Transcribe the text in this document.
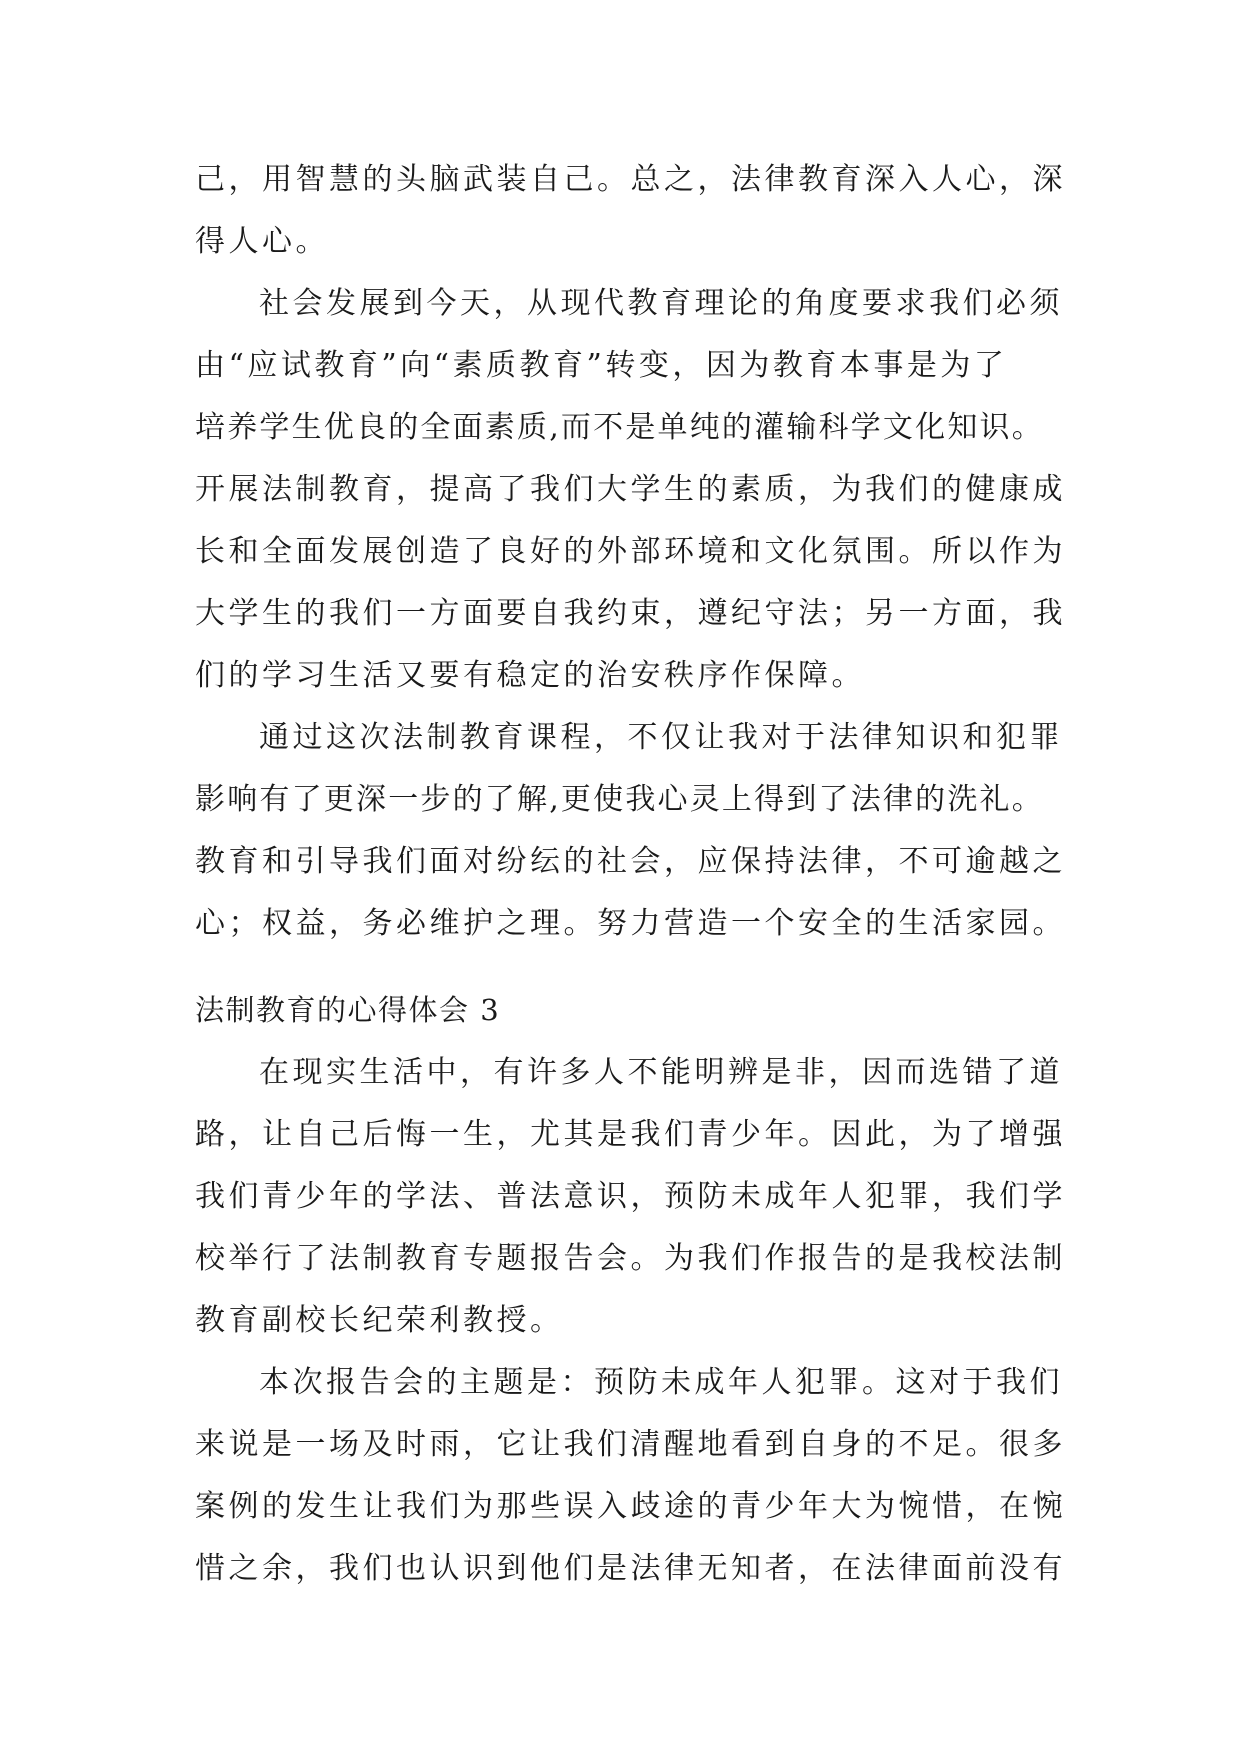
己，用智慧的头脑武装自己。总之，法律教育深入人心，深

得人心。

社会发展到今天，从现代教育理论的角度要求我们必须

由“应试教育”向“素质教育”转变，因为教育本事是为了

培养学生优良的全面素质,而不是单纯的灌输科学文化知识。

开展法制教育，提高了我们大学生的素质，为我们的健康成

长和全面发展创造了良好的外部环境和文化氛围。所以作为

大学生的我们一方面要自我约束，遵纪守法；另一方面，我

们的学习生活又要有稳定的治安秩序作保障。

通过这次法制教育课程，不仅让我对于法律知识和犯罪

影响有了更深一步的了解,更使我心灵上得到了法律的洗礼。

教育和引导我们面对纷纭的社会，应保持法律，不可逾越之

心；权益，务必维护之理。努力营造一个安全的生活家园。

法制教育的心得体会 3

在现实生活中，有许多人不能明辨是非，因而选错了道

路，让自己后悔一生，尤其是我们青少年。因此，为了增强

我们青少年的学法、普法意识，预防未成年人犯罪，我们学

校举行了法制教育专题报告会。为我们作报告的是我校法制

教育副校长纪荣利教授。

本次报告会的主题是：预防未成年人犯罪。这对于我们

来说是一场及时雨，它让我们清醒地看到自身的不足。很多

案例的发生让我们为那些误入歧途的青少年大为惋惜，在惋

惜之余，我们也认识到他们是法律无知者，在法律面前没有
